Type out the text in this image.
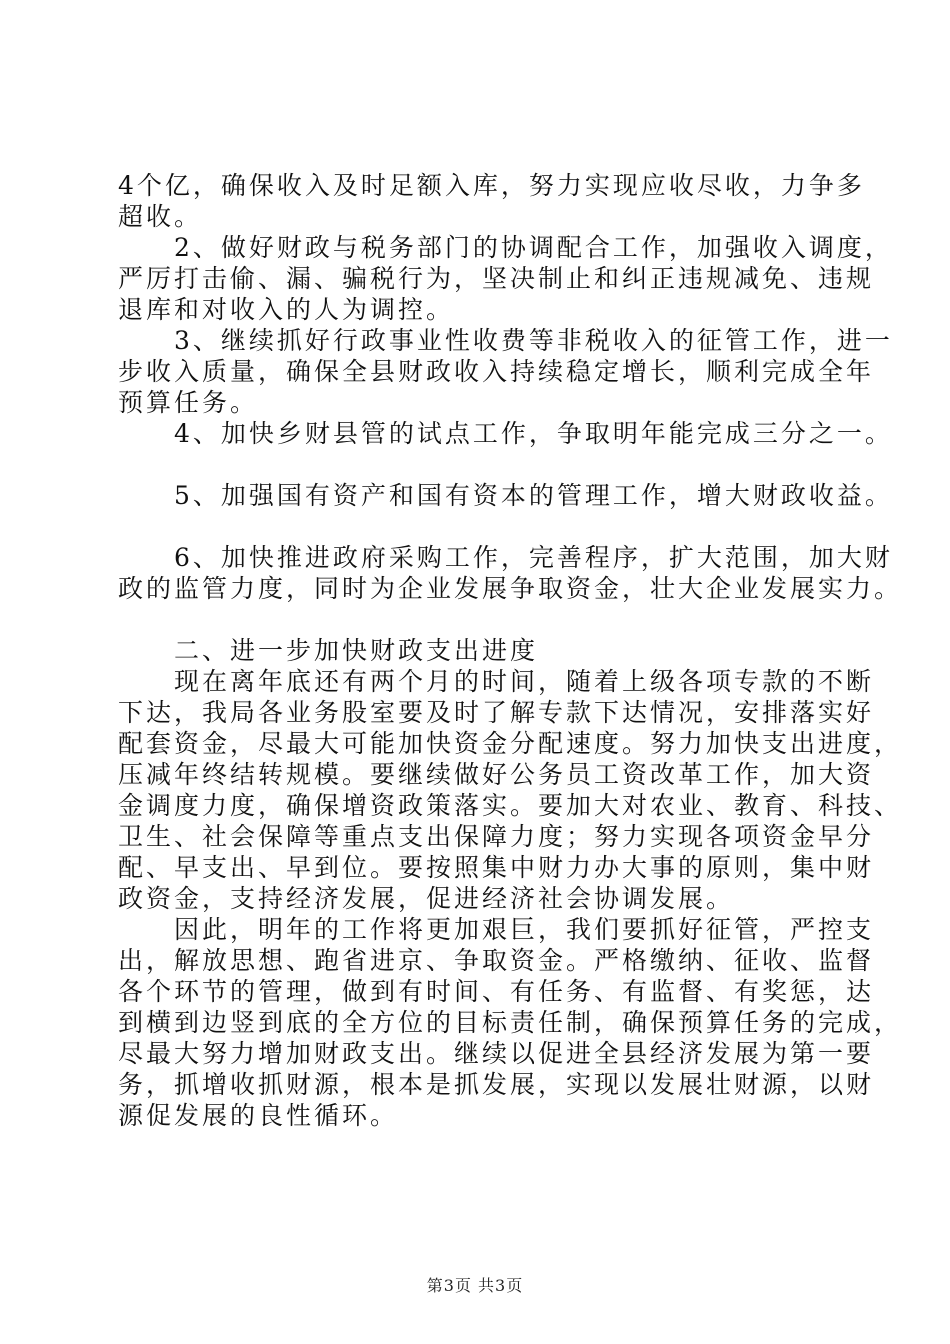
4个亿，确保收入及时足额入库，努力实现应收尽收，力争多
超收。
　　2、做好财政与税务部门的协调配合工作，加强收入调度，
严厉打击偷、漏、骗税行为，坚决制止和纠正违规减免、违规
退库和对收入的人为调控。
　　3、继续抓好行政事业性收费等非税收入的征管工作，进一
步收入质量，确保全县财政收入持续稳定增长，顺利完成全年
预算任务。
　　4、加快乡财县管的试点工作，争取明年能完成三分之一。
　　5、加强国有资产和国有资本的管理工作，增大财政收益。
　　6、加快推进政府采购工作，完善程序，扩大范围，加大财
政的监管力度，同时为企业发展争取资金，壮大企业发展实力。
　　二、进一步加快财政支出进度
　　现在离年底还有两个月的时间，随着上级各项专款的不断
下达，我局各业务股室要及时了解专款下达情况，安排落实好
配套资金，尽最大可能加快资金分配速度。努力加快支出进度，
压减年终结转规模。要继续做好公务员工资改革工作，加大资
金调度力度，确保增资政策落实。要加大对农业、教育、科技、
卫生、社会保障等重点支出保障力度；努力实现各项资金早分
配、早支出、早到位。要按照集中财力办大事的原则，集中财
政资金，支持经济发展，促进经济社会协调发展。
　　因此，明年的工作将更加艰巨，我们要抓好征管，严控支
出，解放思想、跑省进京、争取资金。严格缴纳、征收、监督
各个环节的管理，做到有时间、有任务、有监督、有奖惩，达
到横到边竖到底的全方位的目标责任制，确保预算任务的完成，
尽最大努力增加财政支出。继续以促进全县经济发展为第一要
务，抓增收抓财源，根本是抓发展，实现以发展壮财源，以财
源促发展的良性循环。
第3页 共3页
